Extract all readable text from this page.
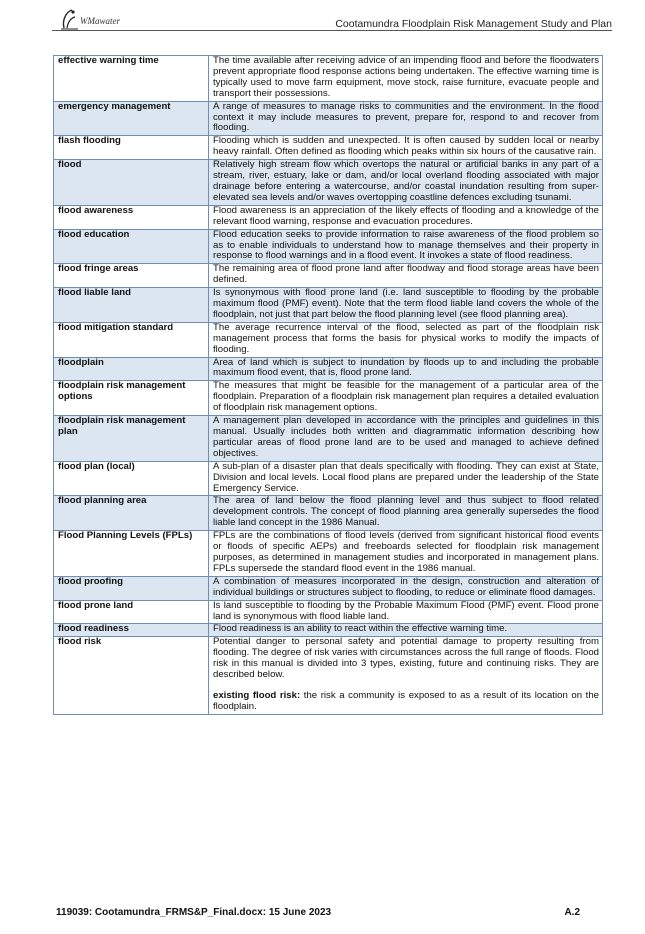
WMawater	Cootamundra Floodplain Risk Management Study and Plan
effective warning time	The time available after receiving advice of an impending flood and before the floodwaters prevent appropriate flood response actions being undertaken. The effective warning time is typically used to move farm equipment, move stock, raise furniture, evacuate people and transport their possessions.
emergency management	A range of measures to manage risks to communities and the environment. In the flood context it may include measures to prevent, prepare for, respond to and recover from flooding.
flash flooding	Flooding which is sudden and unexpected. It is often caused by sudden local or nearby heavy rainfall. Often defined as flooding which peaks within six hours of the causative rain.
flood	Relatively high stream flow which overtops the natural or artificial banks in any part of a stream, river, estuary, lake or dam, and/or local overland flooding associated with major drainage before entering a watercourse, and/or coastal inundation resulting from super-elevated sea levels and/or waves overtopping coastline defences excluding tsunami.
flood awareness	Flood awareness is an appreciation of the likely effects of flooding and a knowledge of the relevant flood warning, response and evacuation procedures.
flood education	Flood education seeks to provide information to raise awareness of the flood problem so as to enable individuals to understand how to manage themselves and their property in response to flood warnings and in a flood event. It invokes a state of flood readiness.
flood fringe areas	The remaining area of flood prone land after floodway and flood storage areas have been defined.
flood liable land	Is synonymous with flood prone land (i.e. land susceptible to flooding by the probable maximum flood (PMF) event). Note that the term flood liable land covers the whole of the floodplain, not just that part below the flood planning level (see flood planning area).
flood mitigation standard	The average recurrence interval of the flood, selected as part of the floodplain risk management process that forms the basis for physical works to modify the impacts of flooding.
floodplain	Area of land which is subject to inundation by floods up to and including the probable maximum flood event, that is, flood prone land.
floodplain risk management options	The measures that might be feasible for the management of a particular area of the floodplain. Preparation of a floodplain risk management plan requires a detailed evaluation of floodplain risk management options.
floodplain risk management plan	A management plan developed in accordance with the principles and guidelines in this manual. Usually includes both written and diagrammatic information describing how particular areas of flood prone land are to be used and managed to achieve defined objectives.
flood plan (local)	A sub-plan of a disaster plan that deals specifically with flooding. They can exist at State, Division and local levels. Local flood plans are prepared under the leadership of the State Emergency Service.
flood planning area	The area of land below the flood planning level and thus subject to flood related development controls. The concept of flood planning area generally supersedes the flood liable land concept in the 1986 Manual.
Flood Planning Levels (FPLs)	FPLs are the combinations of flood levels (derived from significant historical flood events or floods of specific AEPs) and freeboards selected for floodplain risk management purposes, as determined in management studies and incorporated in management plans. FPLs supersede the standard flood event in the 1986 manual.
flood proofing	A combination of measures incorporated in the design, construction and alteration of individual buildings or structures subject to flooding, to reduce or eliminate flood damages.
flood prone land	Is land susceptible to flooding by the Probable Maximum Flood (PMF) event. Flood prone land is synonymous with flood liable land.
flood readiness	Flood readiness is an ability to react within the effective warning time.
flood risk	Potential danger to personal safety and potential damage to property resulting from flooding. The degree of risk varies with circumstances across the full range of floods. Flood risk in this manual is divided into 3 types, existing, future and continuing risks. They are described below.
existing flood risk: the risk a community is exposed to as a result of its location on the floodplain.
119039: Cootamundra_FRMS&P_Final.docx: 15 June 2023	A.2
